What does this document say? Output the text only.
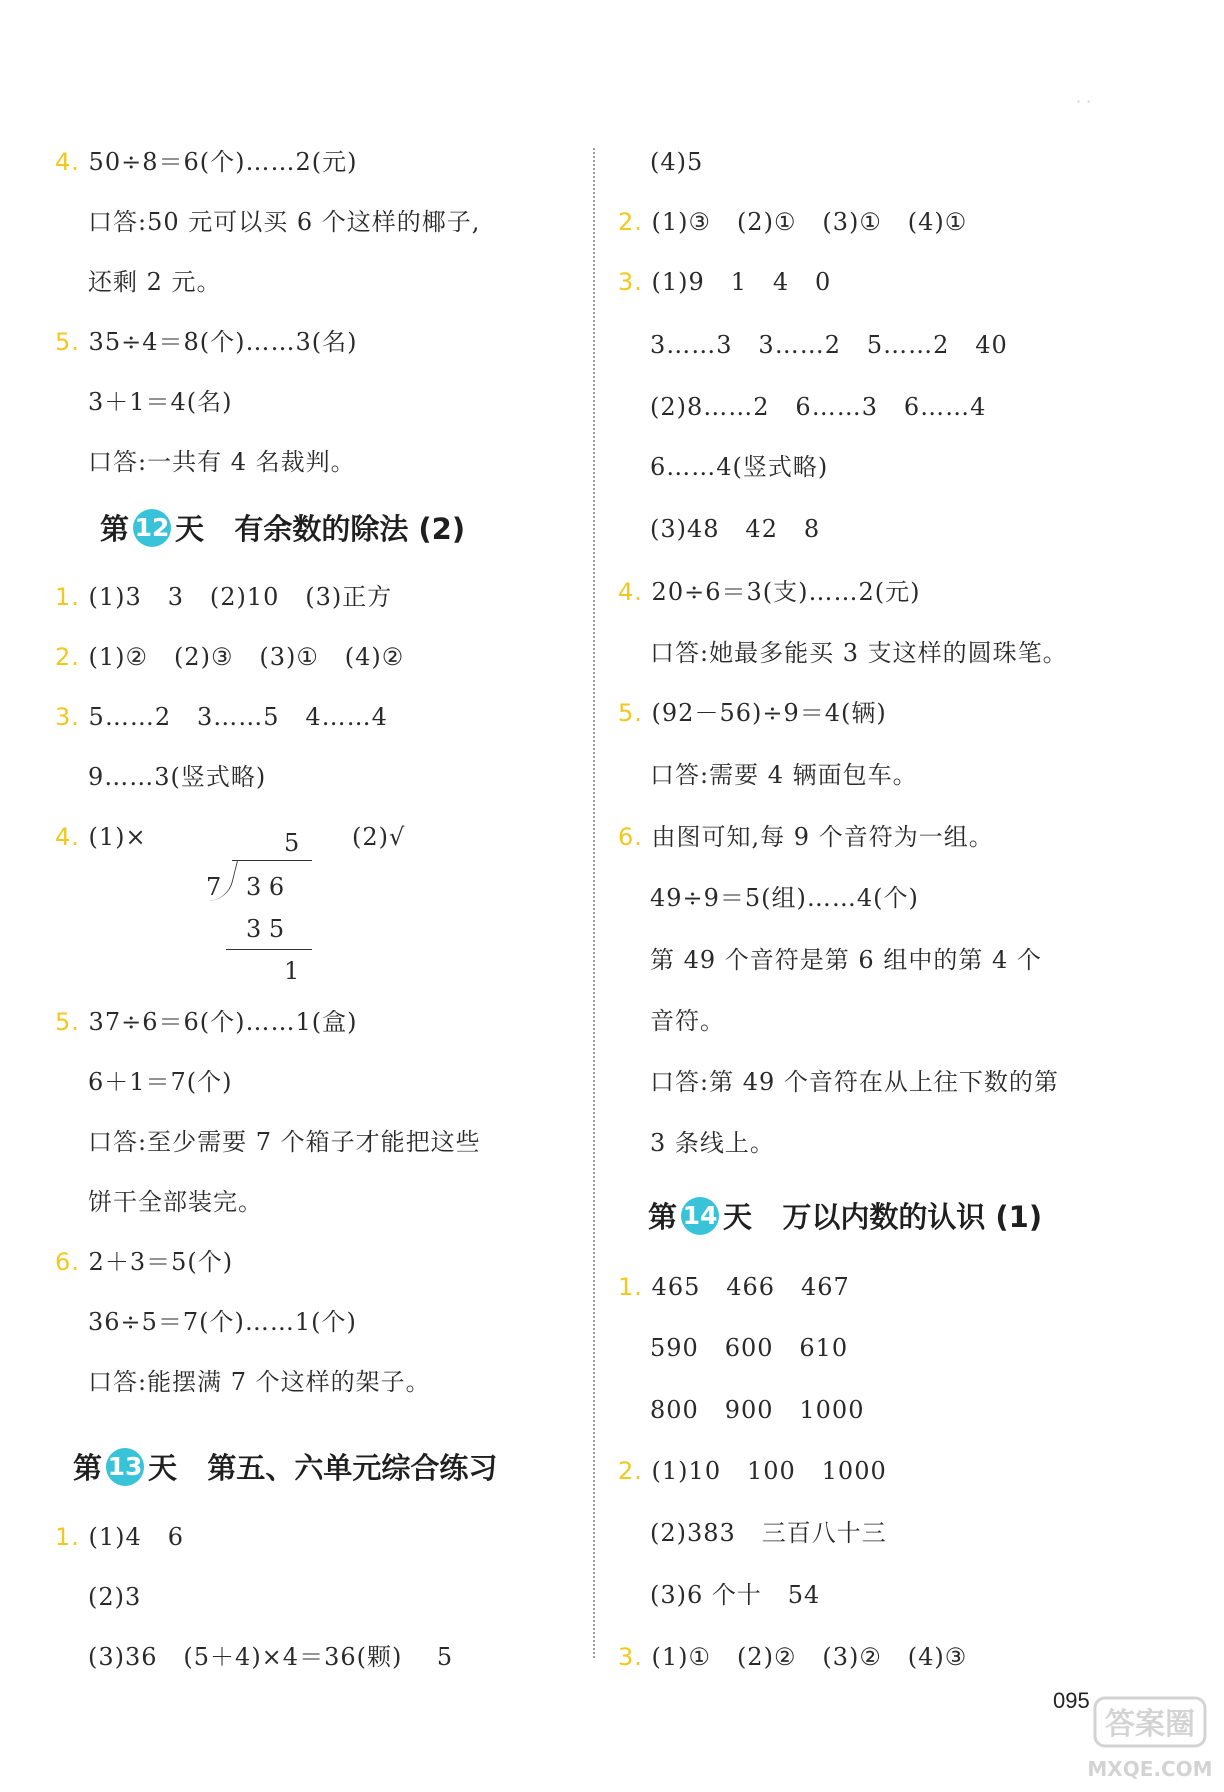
· ·
4. 50÷8＝6(个)……2(元)
口答:50 元可以买 6 个这样的椰子,
还剩 2 元。
5. 35÷4＝8(个)……3(名)
3＋1＝4(名)
口答:一共有 4 名裁判。
第 12 天 有余数的除法 (2)
1. (1)3   3   (2)10   (3)正方
2. (1)②   (2)③   (3)①   (4)②
3. 5……2   3……5   4……4
9……3(竖式略)
4. (1)×	(2)√
5
7 3 6
3 5
1
5. 37÷6＝6(个)……1(盒)
6＋1＝7(个)
口答:至少需要 7 个箱子才能把这些
饼干全部装完。
6. 2＋3＝5(个)
36÷5＝7(个)……1(个)
口答:能摆满 7 个这样的架子。
第 13 天 第五、六单元综合练习
1. (1)4   6
(2)3
(3)36   (5＋4)×4＝36(颗)    5
(4)5
2. (1)③   (2)①   (3)①   (4)①
3. (1)9   1   4   0
3……3   3……2   5……2   40
(2)8……2   6……3   6……4
6……4(竖式略)
(3)48   42   8
4. 20÷6＝3(支)……2(元)
口答:她最多能买 3 支这样的圆珠笔。
5. (92－56)÷9＝4(辆)
口答:需要 4 辆面包车。
6. 由图可知,每 9 个音符为一组。
49÷9＝5(组)……4(个)
第 49 个音符是第 6 组中的第 4 个
音符。
口答:第 49 个音符在从上往下数的第
3 条线上。
第 14 天 万以内数的认识 (1)
1. 465   466   467
590   600   610
800   900   1000
2. (1)10   100   1000
(2)383   三百八十三
(3)6 个十   54
3. (1)①   (2)②   (3)②   (4)③
095
答案圈
MXQE.COM
